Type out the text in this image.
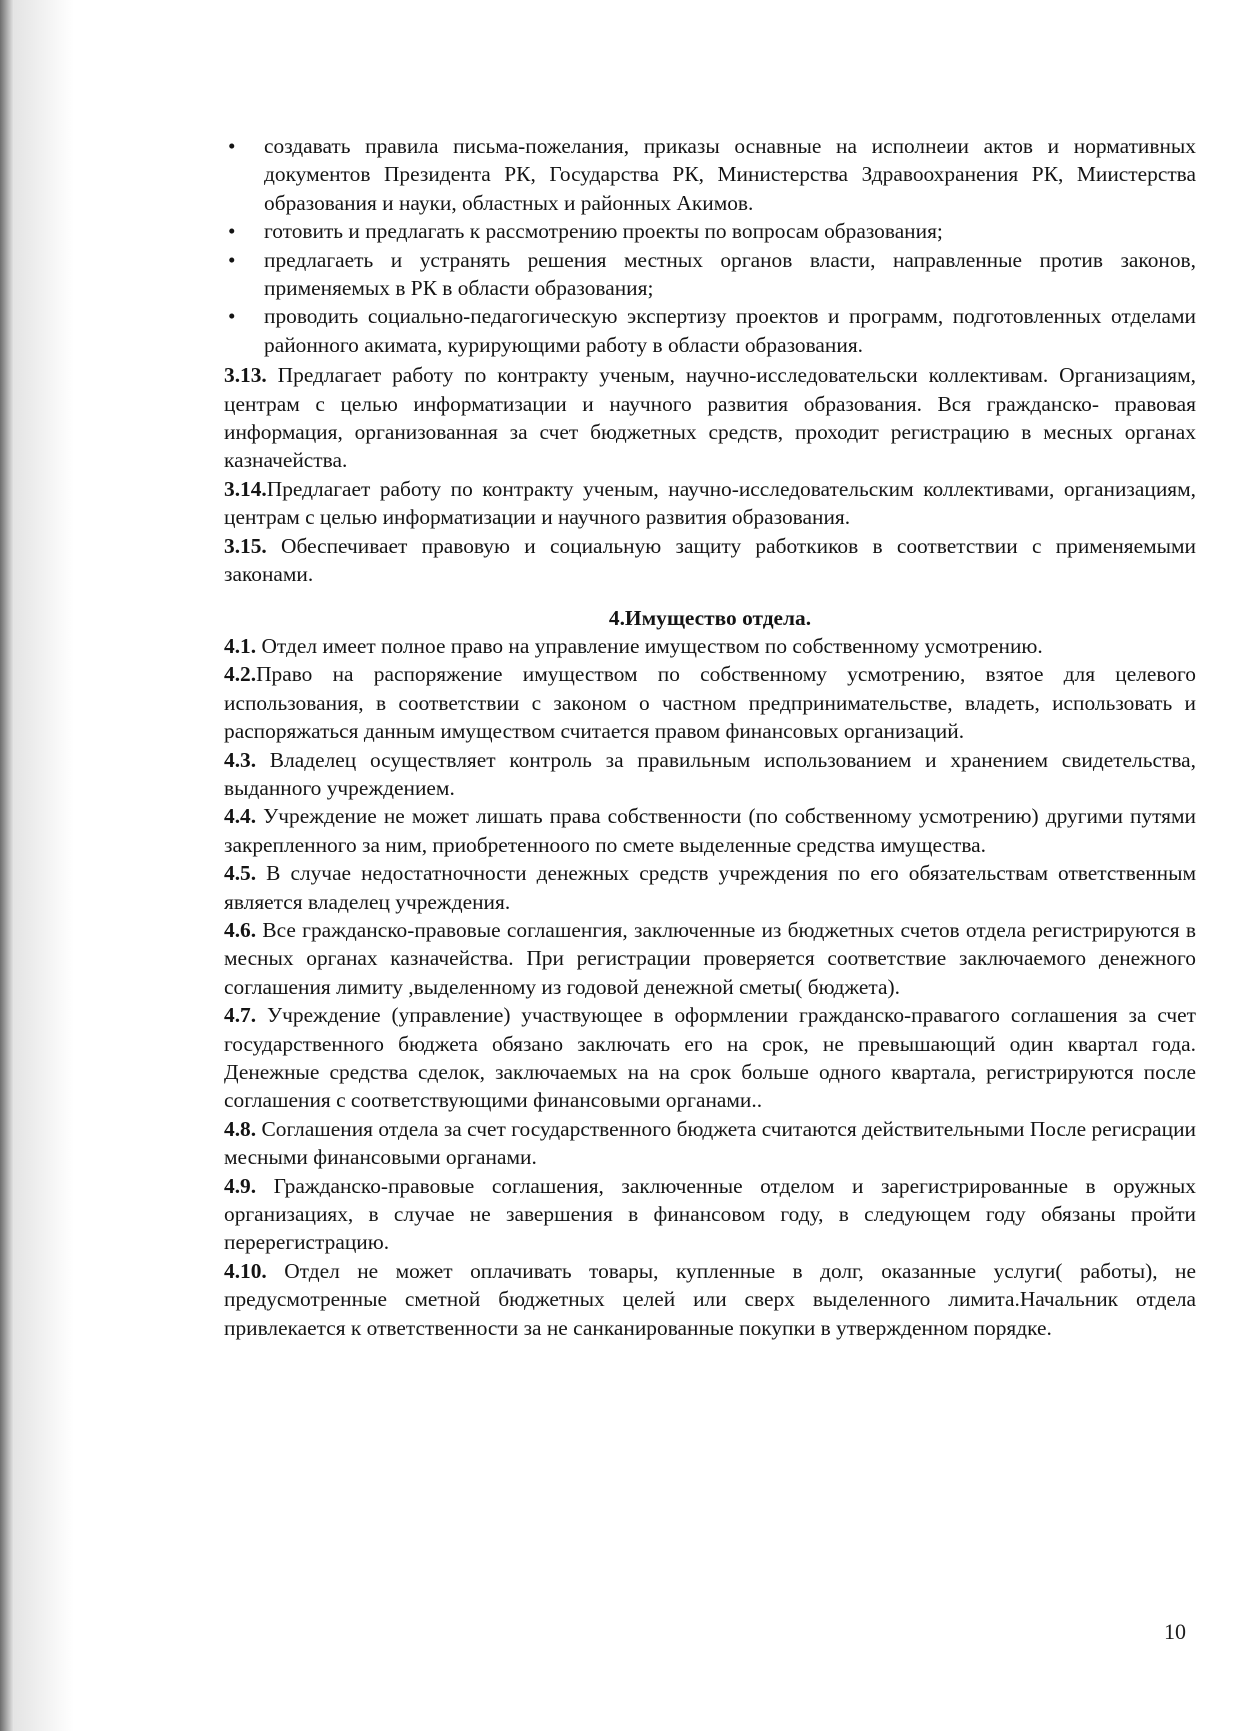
• создавать правила письма-пожелания, приказы оснавные на исполнеии актов и нормативных документов Президента РК, Государства РК, Министерства Здравоохранения РК, Миистерства образования и науки, областных и районных Акимов.
• готовить и предлагать к рассмотрению проекты по вопросам образования;
• предлагаеть и устранять решения местных органов власти, направленные против законов, применяемых в РК в области образования;
• проводить социально-педагогическую экспертизу проектов и программ, подготовленных отделами районного акимата, курирующими работу в области образования.

3.13. Предлагает работу по контракту ученым, научно-исследовательски коллективам. Организациям, центрам с целью информатизации и научного развития образования. Вся гражданско- правовая информация, организованная за счет бюджетных средств, проходит регистрацию в месных органах казначейства.

3.14.Предлагает работу по контракту ученым, научно-исследовательским коллективами, организациям, центрам с целью информатизации и научного развития образования.

3.15. Обеспечивает правовую и социальную защиту работкиков в соответствии с применяемыми законами.

4.Имущество отдела.

4.1. Отдел имеет полное право на управление имуществом по собственному усмотрению.

4.2.Право на распоряжение имуществом по собственному усмотрению, взятое для целевого использования, в соответствии с законом о частном предпринимательстве, владеть, использовать и распоряжаться данным имуществом считается правом финансовых организаций.

4.3. Владелец осуществляет контроль за правильным использованием и хранением свидетельства, выданного учреждением.

4.4. Учреждение не может лишать права собственности (по собственному усмотрению) другими путями закрепленного за ним, приобретенноого по смете выделенные средства имущества.

4.5. В случае недостатночности денежных средств учреждения по его обязательствам ответственным является владелец учреждения.

4.6. Все гражданско-правовые соглашенгия, заключенные из бюджетных счетов отдела регистрируются в месных органах казначейства. При регистрации проверяется соответствие заключаемого денежного соглашения лимиту ,выделенному из годовой денежной сметы( бюджета).

4.7. Учреждение (управление) участвующее в оформлении гражданско-правагого соглашения за счет государственного бюджета обязано заключать его на срок, не превышающий один квартал года. Денежные средства сделок, заключаемых на на срок больше одного квартала, регистрируются после соглашения с соответствующими финансовыми органами..

4.8. Соглашения отдела за счет государственного бюджета считаются действительными После регисрации месными финансовыми органами.

4.9. Гражданско-правовые соглашения, заключенные отделом и зарегистрированные в оружных организациях, в случае не завершения в финансовом году, в следующем году обязаны пройти перерегистрацию.

4.10. Отдел не может оплачивать товары, купленные в долг, оказанные услуги( работы), не предусмотренные сметной бюджетных целей или сверх выделенного лимита.Начальник отдела привлекается к ответственности за не санканированные покупки в утвержденном порядке.

10
